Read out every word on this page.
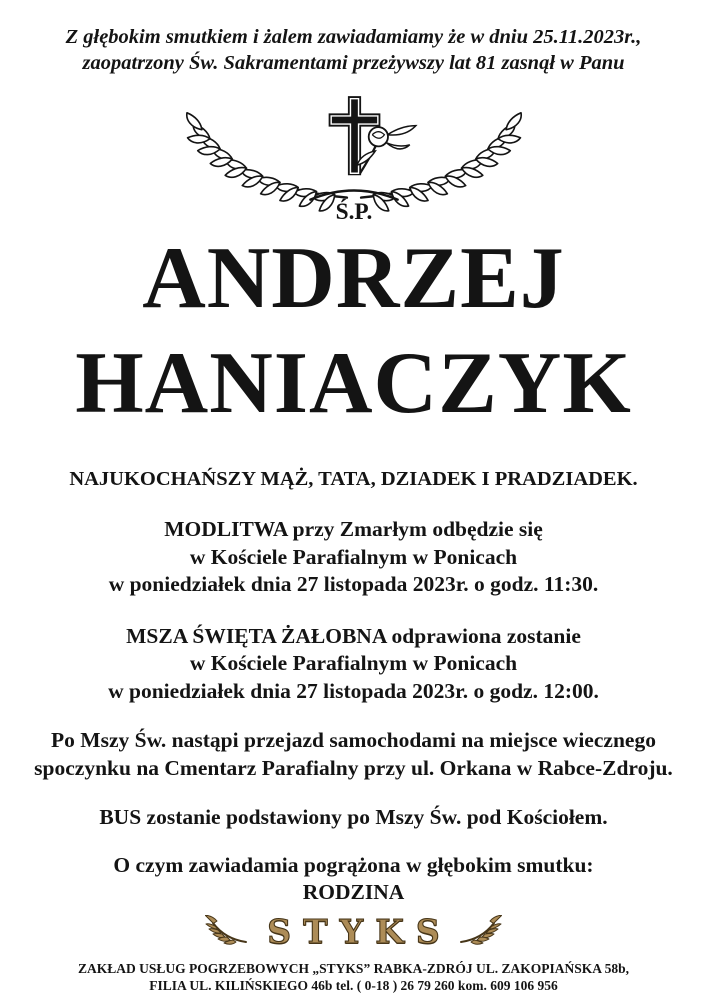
Z głębokim smutkiem i żalem zawiadamiamy że w dniu 25.11.2023r.,
zaopatrzony Św. Sakramentami przeżywszy lat 81 zasnął w Panu
Ś.P.
ANDRZEJ
HANIACZYK
NAJUKOCHAŃSZY MĄŻ, TATA, DZIADEK I PRADZIADEK.
MODLITWA przy Zmarłym odbędzie się
w Kościele Parafialnym w Ponicach
w poniedziałek dnia 27 listopada 2023r. o godz. 11:30.
MSZA ŚWIĘTA ŻAŁOBNA odprawiona zostanie
w Kościele Parafialnym w Ponicach
w poniedziałek dnia 27 listopada 2023r. o godz. 12:00.
Po Mszy Św. nastąpi przejazd samochodami na miejsce wiecznego
spoczynku na Cmentarz Parafialny przy ul. Orkana w Rabce-Zdroju.
BUS zostanie podstawiony po Mszy Św. pod Kościołem.
O czym zawiadamia pogrążona w głębokim smutku:
RODZINA
STYKS
ZAKŁAD USŁUG POGRZEBOWYCH „STYKS” RABKA-ZDRÓJ UL. ZAKOPIAŃSKA 58b,
FILIA UL. KILIŃSKIEGO 46b tel. ( 0-18 ) 26 79 260 kom. 609 106 956
